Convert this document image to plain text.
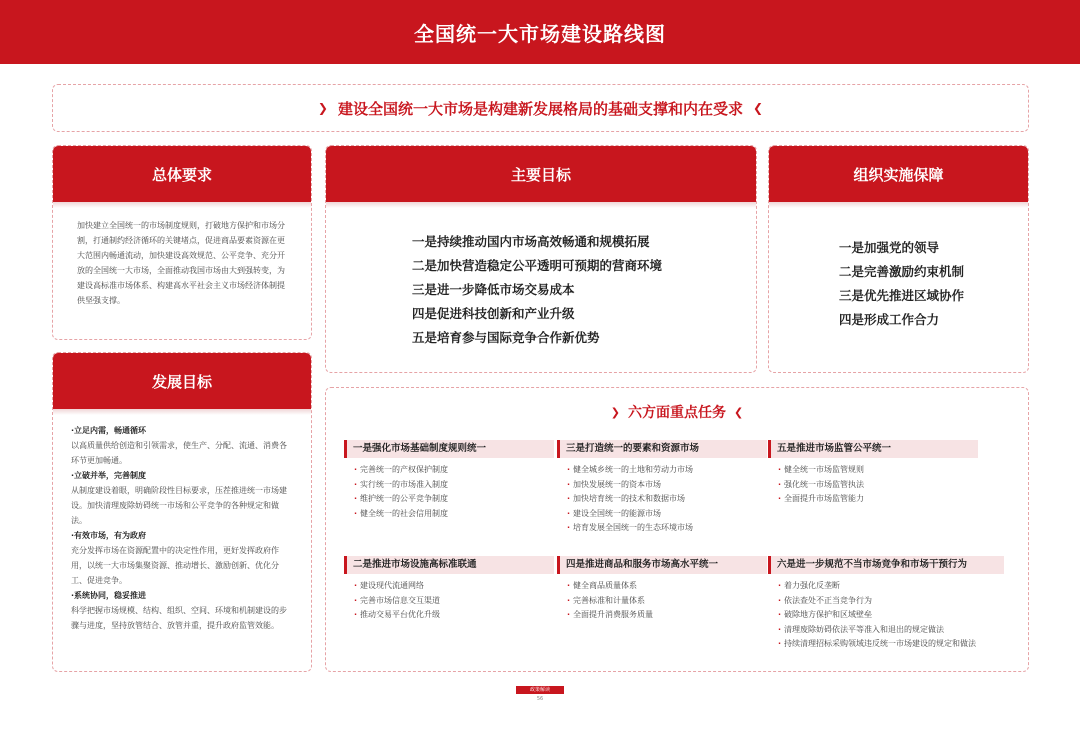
全国统一大市场建设路线图
❯ 建设全国统一大市场是构建新发展格局的基础支撑和内在受求 ❮
总体要求

加快建立全国统一的市场制度规则，打破地方保护和市场分割，打通制约经济循环的关键堵点，促进商品要素资源在更大范围内畅通流动，加快建设高效规范、公平竞争、充分开放的全国统一大市场，全面推动我国市场由大到强转变，为建设高标准市场体系、构建高水平社会主义市场经济体制提供坚强支撑。

发展目标
·立足内需，畅通循环
以高质量供给创造和引领需求，使生产、分配、流通、消费各环节更加畅通。
·立破并举，完善制度
从制度建设着眼，明确阶段性目标要求，压茬推进统一市场建设。加快清理废除妨碍统一市场和公平竞争的各种规定和做法。
·有效市场，有为政府
充分发挥市场在资源配置中的决定性作用，更好发挥政府作用，以统一大市场集聚资源、推动增长、激励创新、优化分工、促进竞争。
·系统协同，稳妥推进
科学把握市场规模、结构、组织、空间、环境和机制建设的步骤与进度，坚持放管结合、放管并重，提升政府监管效能。
主要目标
一是持续推动国内市场高效畅通和规模拓展
二是加快营造稳定公平透明可预期的营商环境
三是进一步降低市场交易成本
四是促进科技创新和产业升级
五是培育参与国际竞争合作新优势
组织实施保障
一是加强党的领导
二是完善激励约束机制
三是优先推进区域协作
四是形成工作合力
❯ 六方面重点任务 ❮
一是强化市场基础制度规则统一
· 完善统一的产权保护制度
· 实行统一的市场准入制度
· 维护统一的公平竞争制度
· 健全统一的社会信用制度
三是打造统一的要素和资源市场
· 健全城乡统一的土地和劳动力市场
· 加快发展统一的资本市场
· 加快培育统一的技术和数据市场
· 建设全国统一的能源市场
· 培育发展全国统一的生态环境市场
五是推进市场监管公平统一
· 健全统一市场监管规则
· 强化统一市场监管执法
· 全面提升市场监管能力
二是推进市场设施高标准联通
· 建设现代流通网络
· 完善市场信息交互渠道
· 推动交易平台优化升级
四是推进商品和服务市场高水平统一
· 健全商品质量体系
· 完善标准和计量体系
· 全面提升消费服务质量
六是进一步规范不当市场竞争和市场干预行为
· 着力强化反垄断
· 依法查处不正当竞争行为
· 破除地方保护和区域壁垒
· 清理废除妨碍依法平等准入和退出的规定做法
· 持续清理招标采购领域违反统一市场建设的规定和做法
政策解读
56
